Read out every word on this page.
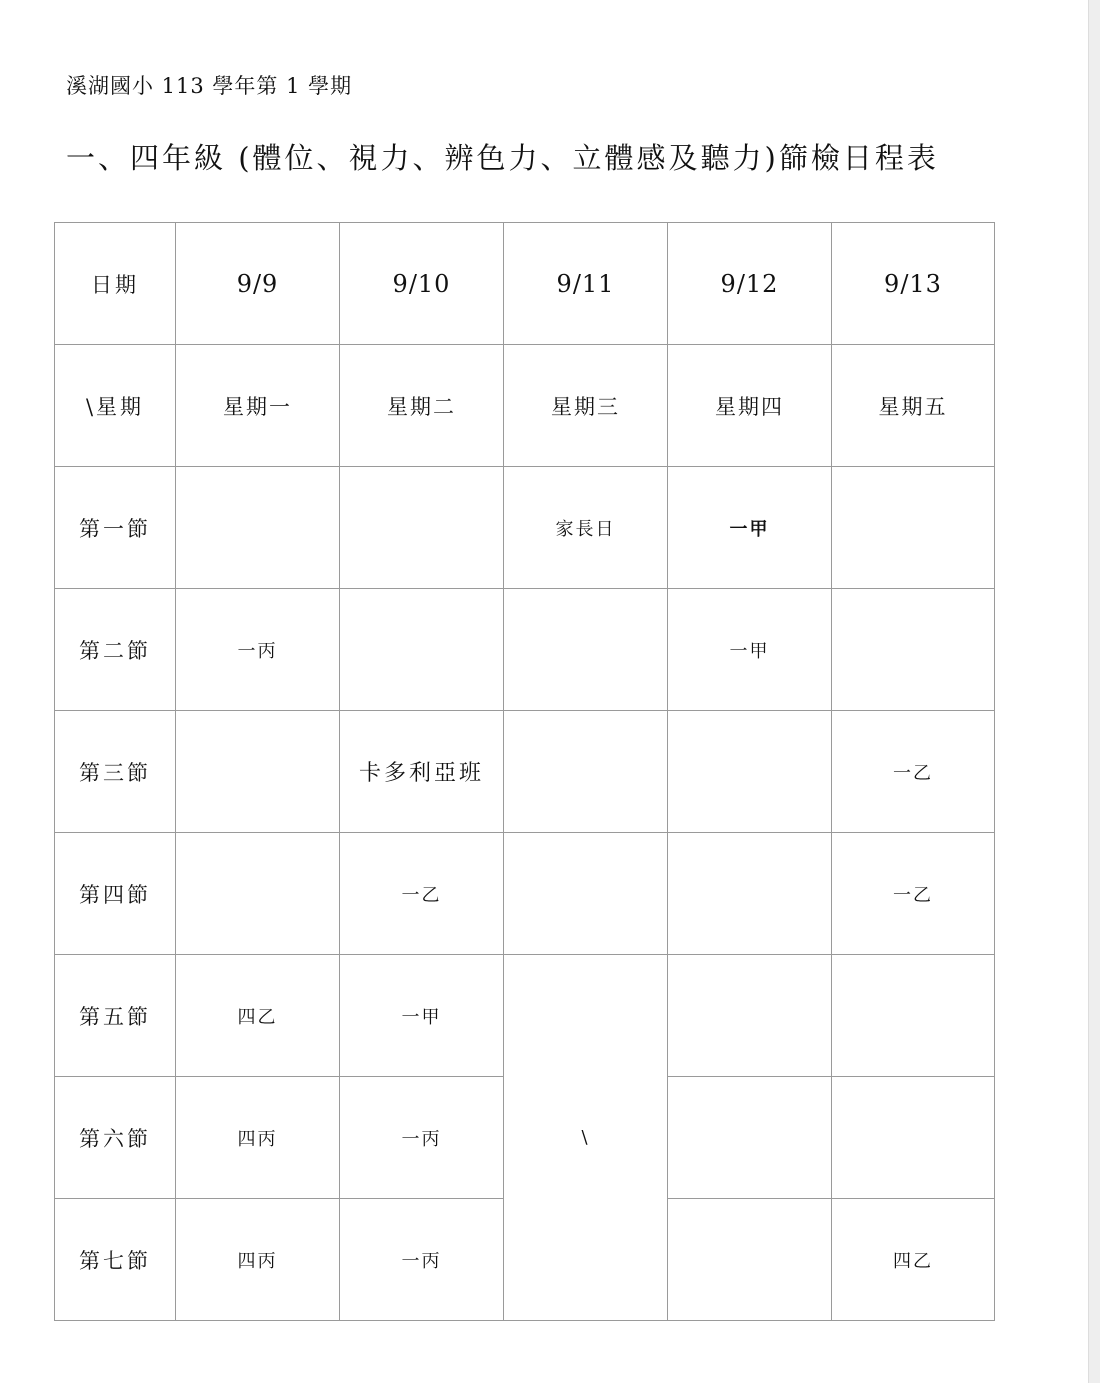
溪湖國小 113 學年第 1 學期
一、四年級 (體位、視力、辨色力、立體感及聽力)篩檢日程表
日期	9/9	9/10	9/11	9/12	9/13
\星期	星期一	星期二	星期三	星期四	星期五
第一節			家長日	一甲	
第二節	一丙			一甲	
第三節		卡多利亞班			一乙
第四節		一乙			一乙
第五節	四乙	一甲	\		
第六節	四丙	一丙			
第七節	四丙	一丙			四乙
